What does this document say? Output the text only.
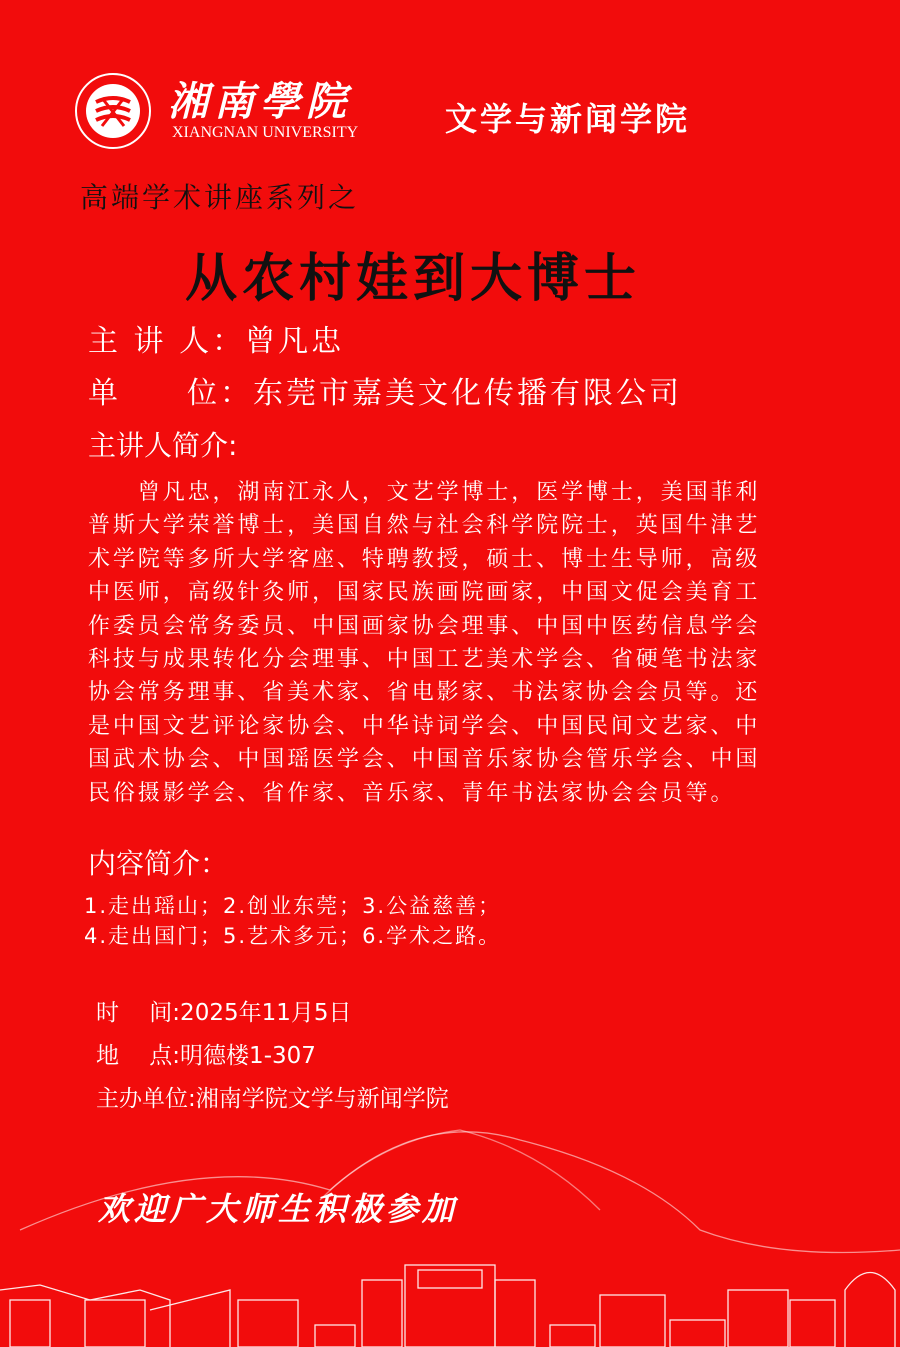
湘南學院
XIANGNAN UNIVERSITY	文学与新闻学院
高端学术讲座系列之
从农村娃到大博士
主 讲 人：曾凡忠
单　　位：东莞市嘉美文化传播有限公司
主讲人简介:
　　曾凡忠，湖南江永人，文艺学博士，医学博士，美国菲利
普斯大学荣誉博士，美国自然与社会科学院院士，英国牛津艺
术学院等多所大学客座、特聘教授，硕士、博士生导师，高级
中医师，高级针灸师，国家民族画院画家，中国文促会美育工
作委员会常务委员、中国画家协会理事、中国中医药信息学会
科技与成果转化分会理事、中国工艺美术学会、省硬笔书法家
协会常务理事、省美术家、省电影家、书法家协会会员等。还
是中国文艺评论家协会、中华诗词学会、中国民间文艺家、中
国武术协会、中国瑶医学会、中国音乐家协会管乐学会、中国
民俗摄影学会、省作家、音乐家、青年书法家协会会员等。
内容简介：
1.走出瑶山；2.创业东莞；3.公益慈善；
4.走出国门；5.艺术多元；6.学术之路。
时　 间:2025年11月5日
地　 点:明德楼1-307
主办单位:湘南学院文学与新闻学院
欢迎广大师生积极参加
